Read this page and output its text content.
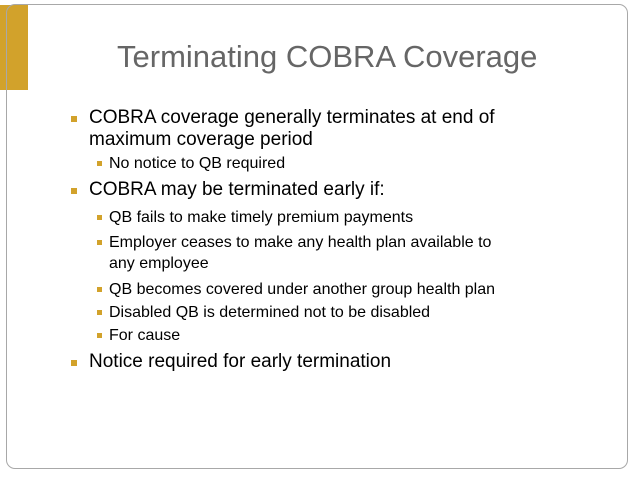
Terminating COBRA Coverage
COBRA coverage generally terminates at end of
maximum coverage period
No notice to QB required
COBRA may be terminated early if:
QB fails to make timely premium payments
Employer ceases to make any health plan available to
any employee
QB becomes covered under another group health plan
Disabled QB is determined not to be disabled
For cause
Notice required for early termination
